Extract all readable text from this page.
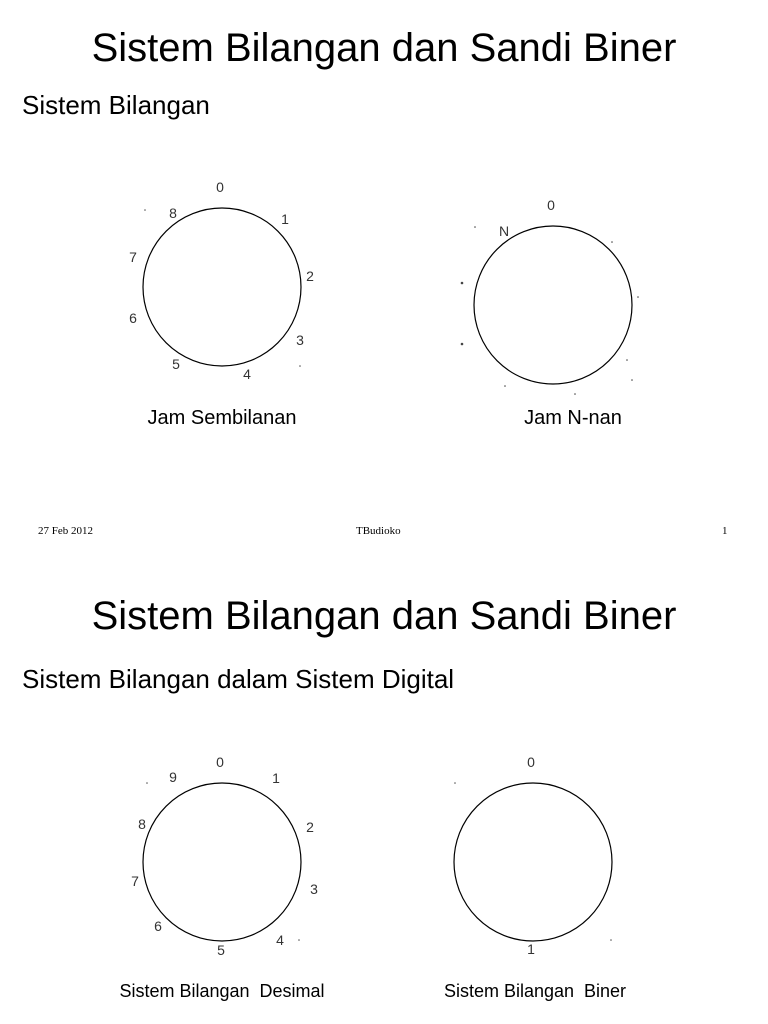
Sistem Bilangan dan Sandi Biner
Sistem Bilangan
0
1
2
3
4
5
6
7
8
Jam Sembilanan
0
N
Jam N-nan
27 Feb 2012	TBudioko	1
Sistem Bilangan dan Sandi Biner
Sistem Bilangan dalam Sistem Digital
0
1
2
3
4
5
6
7
8
9
Sistem Bilangan  Desimal
0
1
Sistem Bilangan  Biner
